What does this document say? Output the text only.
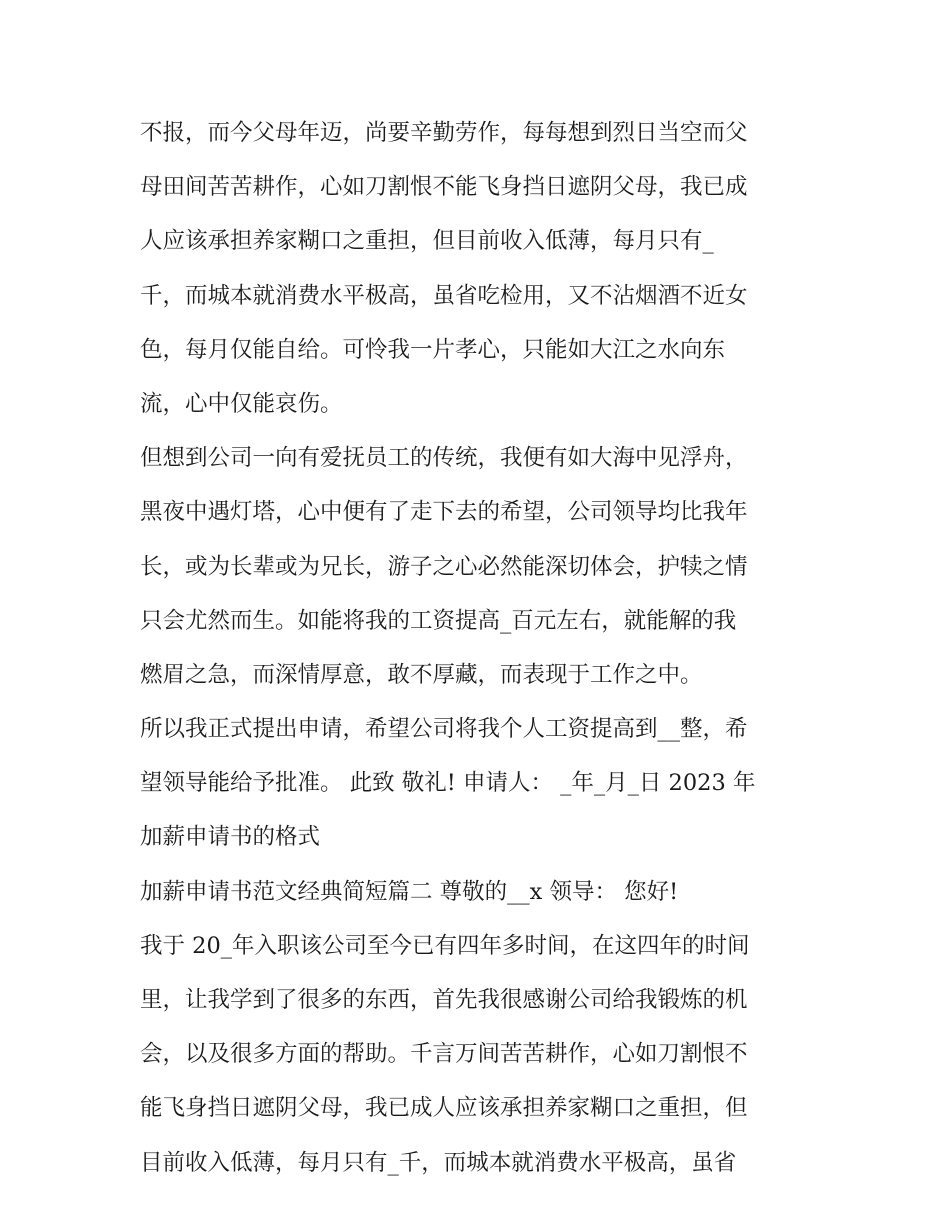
不报，而今父母年迈，尚要辛勤劳作，每每想到烈日当空而父
母田间苦苦耕作，心如刀割恨不能飞身挡日遮阴父母，我已成
人应该承担养家糊口之重担，但目前收入低薄，每月只有_
千，而城本就消费水平极高，虽省吃检用，又不沾烟酒不近女
色，每月仅能自给。可怜我一片孝心，只能如大江之水向东
流，心中仅能哀伤。
但想到公司一向有爱抚员工的传统，我便有如大海中见浮舟，
黑夜中遇灯塔，心中便有了走下去的希望，公司领导均比我年
长，或为长辈或为兄长，游子之心必然能深切体会，护犊之情
只会尤然而生。如能将我的工资提高_百元左右，就能解的我
燃眉之急，而深情厚意，敢不厚藏，而表现于工作之中。
所以我正式提出申请，希望公司将我个人工资提高到__整，希
望领导能给予批准。 此致 敬礼! 申请人： _年_月_日 2023 年
加薪申请书的格式
加薪申请书范文经典简短篇二 尊敬的__x 领导： 您好!
我于 20_年入职该公司至今已有四年多时间，在这四年的时间
里，让我学到了很多的东西，首先我很感谢公司给我锻炼的机
会，以及很多方面的帮助。千言万间苦苦耕作，心如刀割恨不
能飞身挡日遮阴父母，我已成人应该承担养家糊口之重担，但
目前收入低薄，每月只有_千，而城本就消费水平极高，虽省
